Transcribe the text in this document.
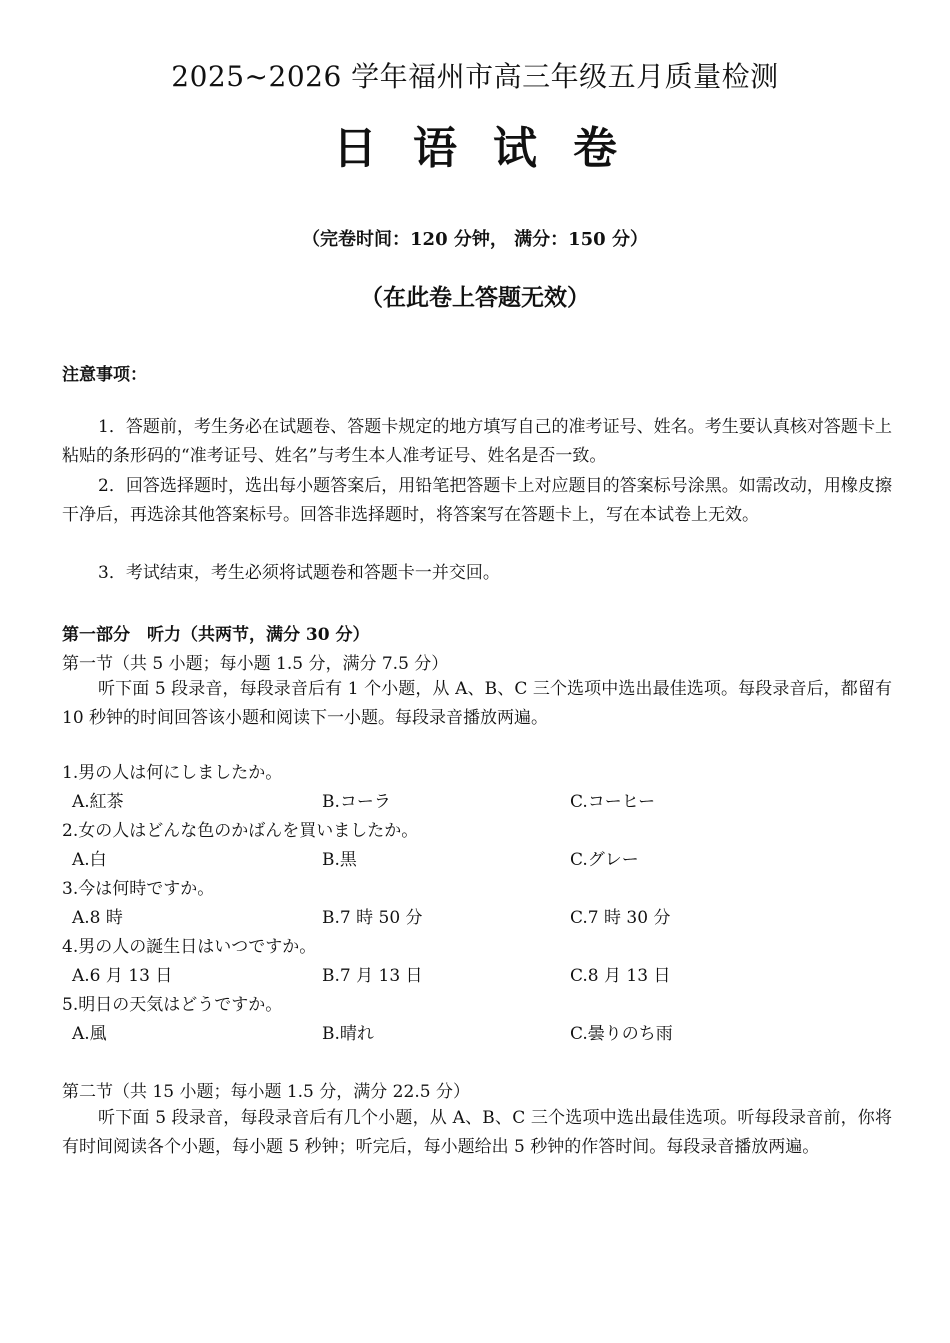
2025~2026 学年福州市高三年级五月质量检测
日语试卷
（完卷时间：120 分钟， 满分：150 分）
（在此卷上答题无效）
注意事项：
1．答题前，考生务必在试题卷、答题卡规定的地方填写自己的准考证号、姓名。考生要认真核对答题卡上粘贴的条形码的“准考证号、姓名”与考生本人准考证号、姓名是否一致。
2．回答选择题时，选出每小题答案后，用铅笔把答题卡上对应题目的答案标号涂黑。如需改动，用橡皮擦干净后，再选涂其他答案标号。回答非选择题时，将答案写在答题卡上，写在本试卷上无效。
3．考试结束，考生必须将试题卷和答题卡一并交回。
第一部分　听力（共两节，满分 30 分）
第一节（共 5 小题；每小题 1.5 分，满分 7.5 分）
听下面 5 段录音，每段录音后有 1 个小题，从 A、B、C 三个选项中选出最佳选项。每段录音后，都留有 10 秒钟的时间回答该小题和阅读下一小题。每段录音播放两遍。
1.男の人は何にしましたか。
A.紅茶	B.コーラ	C.コーヒー
2.女の人はどんな色のかばんを買いましたか。
A.白	B.黒	C.グレー
3.今は何時ですか。
A.8 時	B.7 時 50 分	C.7 時 30 分
4.男の人の誕生日はいつですか。
A.6 月 13 日	B.7 月 13 日	C.8 月 13 日
5.明日の天気はどうですか。
A.風	B.晴れ	C.曇りのち雨
第二节（共 15 小题；每小题 1.5 分，满分 22.5 分）
听下面 5 段录音，每段录音后有几个小题，从 A、B、C 三个选项中选出最佳选项。听每段录音前，你将有时间阅读各个小题，每小题 5 秒钟；听完后，每小题给出 5 秒钟的作答时间。每段录音播放两遍。
